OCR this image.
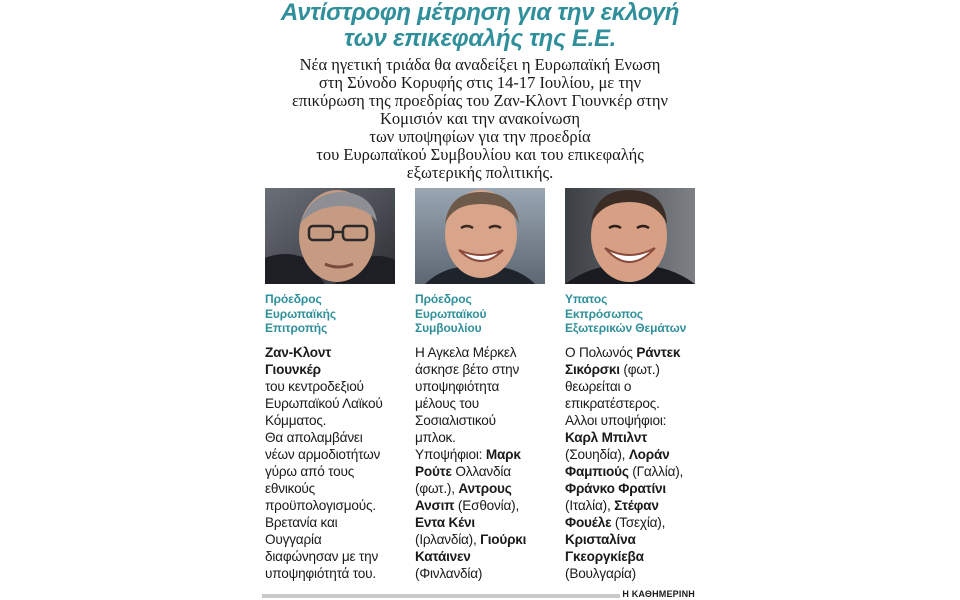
Αντίστροφη μέτρηση για την εκλογή
των επικεφαλής της Ε.Ε.
Νέα ηγετική τριάδα θα αναδείξει η Ευρωπαϊκή Ενωση
στη Σύνοδο Κορυφής στις 14-17 Ιουλίου, με την
επικύρωση της προεδρίας του Ζαν-Κλοντ Γιουνκέρ στην
Κομισιόν και την ανακοίνωση
των υποψηφίων για την προεδρία
του Ευρωπαϊκού Συμβουλίου και του επικεφαλής
εξωτερικής πολιτικής.
Πρόεδρος
Ευρωπαϊκής
Επιτροπής
Ζαν-Κλοντ
Γιουνκέρ
του κεντροδεξιού
Ευρωπαϊκού Λαϊκού
Κόμματος.
Θα απολαμβάνει
νέων αρμοδιοτήτων
γύρω από τους
εθνικούς
προϋπολογισμούς.
Βρετανία και
Ουγγαρία
διαφώνησαν με την
υποψηφιότητά του.
Πρόεδρος
Ευρωπαϊκού
Συμβουλίου
Η Αγκελα Μέρκελ
άσκησε βέτο στην
υποψηφιότητα
μέλους του
Σοσιαλιστικού
μπλοκ.
Υποψήφιοι: Μαρκ
Ρούτε Ολλανδία
(φωτ.), Αντρους
Ανσιπ (Εσθονία),
Εντα Κένι
(Ιρλανδία), Γιούρκι
Κατάινεν
(Φινλανδία)
Υπατος
Εκπρόσωπος
Εξωτερικών Θεμάτων
Ο Πολωνός Ράντεκ
Σικόρσκι (φωτ.)
θεωρείται ο
επικρατέστερος.
Αλλοι υποψήφιοι:
Καρλ Μπιλντ
(Σουηδία), Λοράν
Φαμπιούς (Γαλλία),
Φράνκο Φρατίνι
(Ιταλία), Στέφαν
Φουέλε (Τσεχία),
Κρισταλίνα
Γκεοργκίεβα
(Βουλγαρία)
Η ΚΑΘΗΜΕΡΙΝΗ
